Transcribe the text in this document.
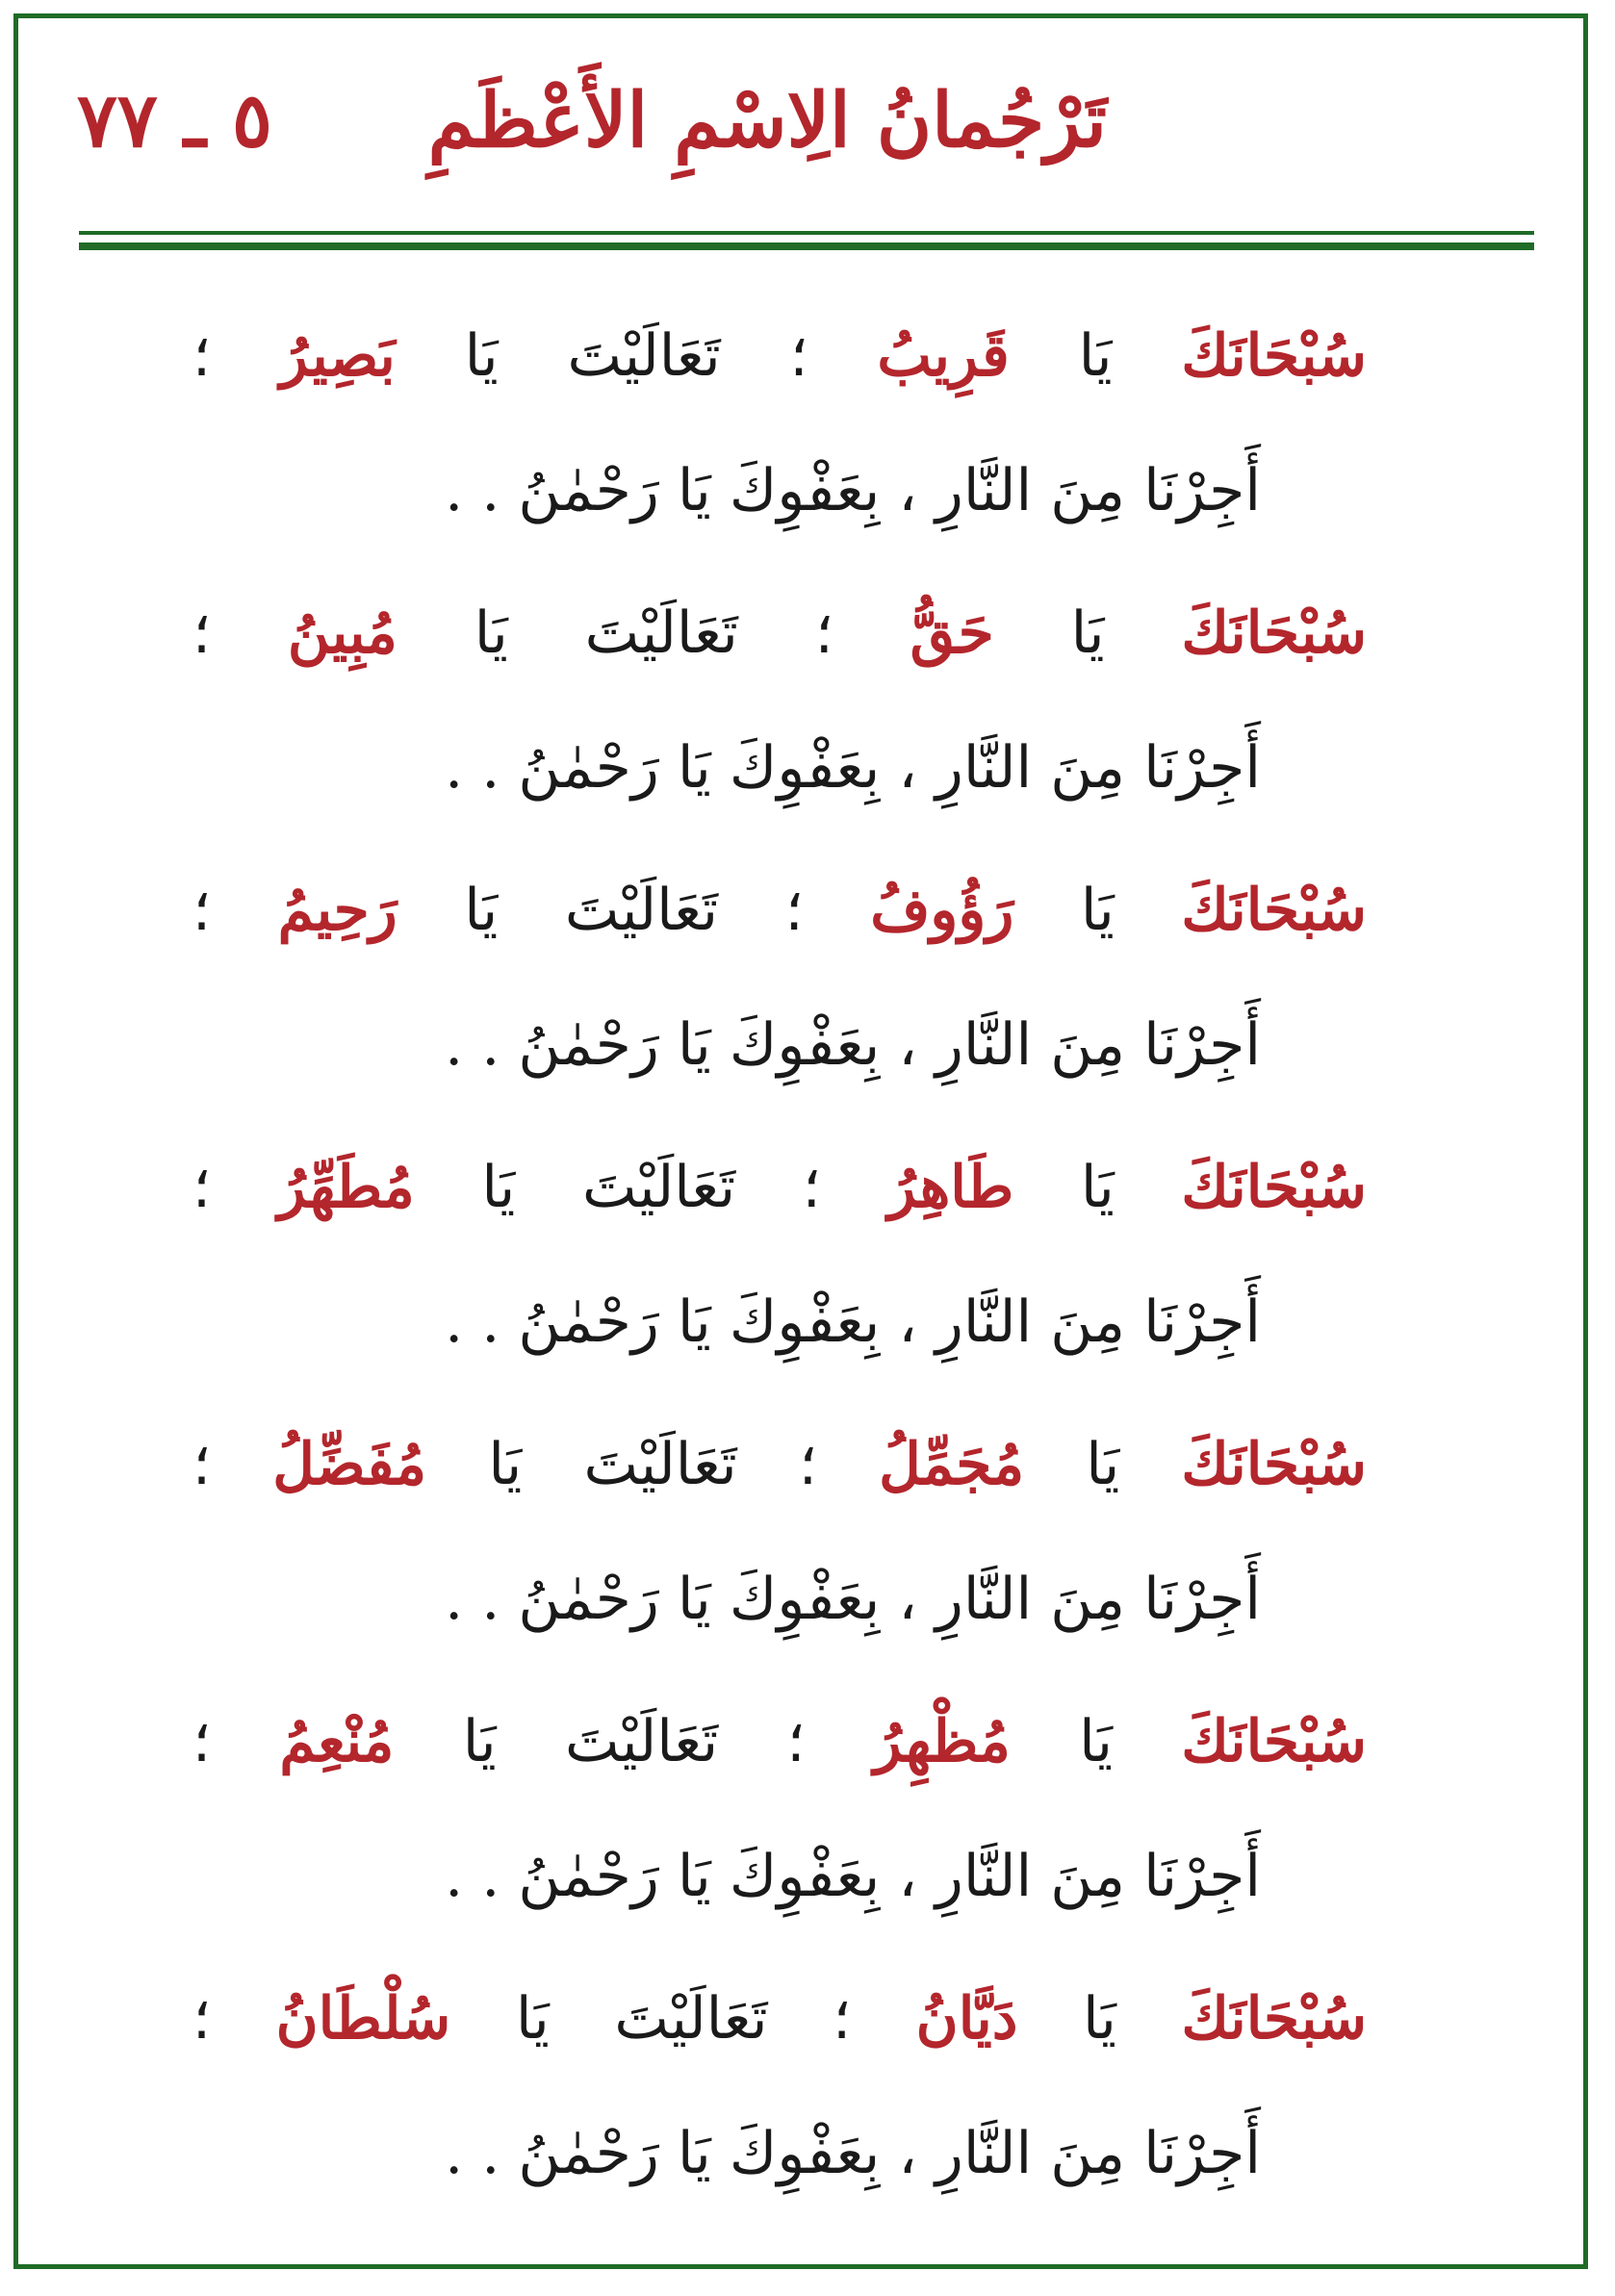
تَرْجُمانُ الِاسْمِ الأَعْظَمِ
٥ ـ ٧٧
سُبْحَانَكَ يَا قَرِيبُ ؛ تَعَالَيْتَ يَا بَصِيرُ ؛
أَجِرْنَا مِنَ النَّارِ ، بِعَفْوِكَ يَا رَحْمٰنُ . .
سُبْحَانَكَ يَا حَقُّ ؛ تَعَالَيْتَ يَا مُبِينُ ؛
أَجِرْنَا مِنَ النَّارِ ، بِعَفْوِكَ يَا رَحْمٰنُ . .
سُبْحَانَكَ يَا رَؤُوفُ ؛ تَعَالَيْتَ يَا رَحِيمُ ؛
أَجِرْنَا مِنَ النَّارِ ، بِعَفْوِكَ يَا رَحْمٰنُ . .
سُبْحَانَكَ يَا طَاهِرُ ؛ تَعَالَيْتَ يَا مُطَهِّرُ ؛
أَجِرْنَا مِنَ النَّارِ ، بِعَفْوِكَ يَا رَحْمٰنُ . .
سُبْحَانَكَ يَا مُجَمِّلُ ؛ تَعَالَيْتَ يَا مُفَضِّلُ ؛
أَجِرْنَا مِنَ النَّارِ ، بِعَفْوِكَ يَا رَحْمٰنُ . .
سُبْحَانَكَ يَا مُظْهِرُ ؛ تَعَالَيْتَ يَا مُنْعِمُ ؛
أَجِرْنَا مِنَ النَّارِ ، بِعَفْوِكَ يَا رَحْمٰنُ . .
سُبْحَانَكَ يَا دَيَّانُ ؛ تَعَالَيْتَ يَا سُلْطَانُ ؛
أَجِرْنَا مِنَ النَّارِ ، بِعَفْوِكَ يَا رَحْمٰنُ . .
